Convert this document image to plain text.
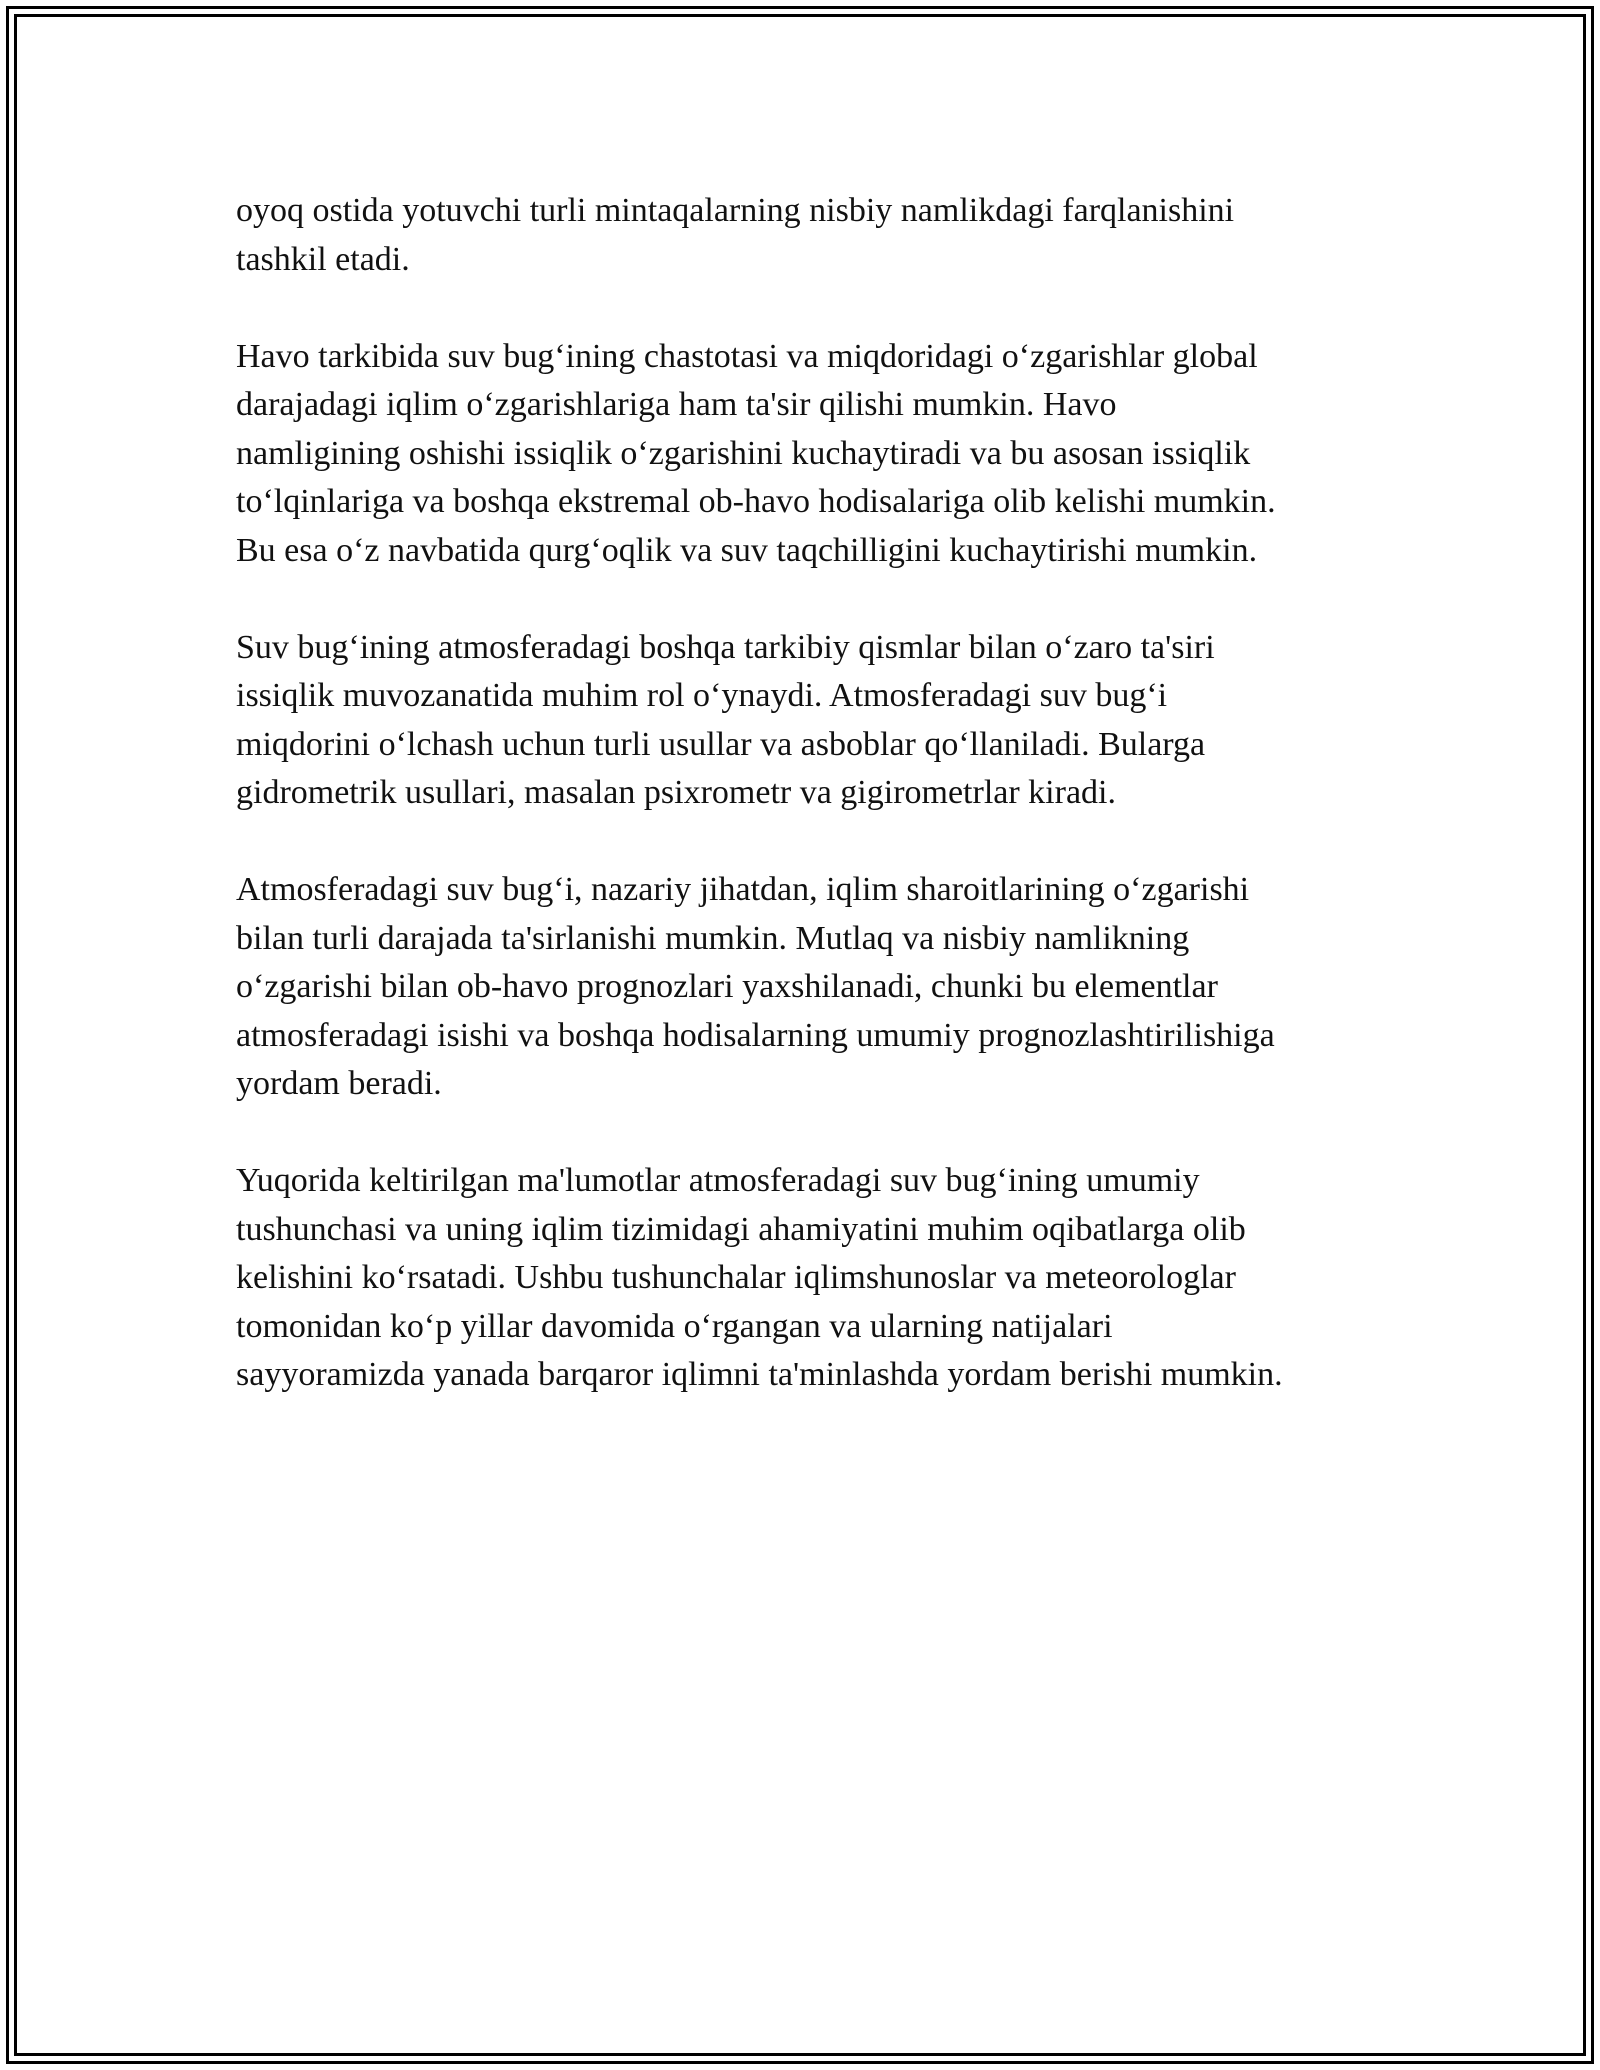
oyoq ostida yotuvchi turli mintaqalarning nisbiy namlikdagi farqlanishini
tashkil etadi.

Havo tarkibida suv bug‘ining chastotasi va miqdoridagi o‘zgarishlar global
darajadagi iqlim o‘zgarishlariga ham ta'sir qilishi mumkin. Havo
namligining oshishi issiqlik o‘zgarishini kuchaytiradi va bu asosan issiqlik
to‘lqinlariga va boshqa ekstremal ob-havo hodisalariga olib kelishi mumkin.
Bu esa o‘z navbatida qurg‘oqlik va suv taqchilligini kuchaytirishi mumkin.

Suv bug‘ining atmosferadagi boshqa tarkibiy qismlar bilan o‘zaro ta'siri
issiqlik muvozanatida muhim rol o‘ynaydi. Atmosferadagi suv bug‘i
miqdorini o‘lchash uchun turli usullar va asboblar qo‘llaniladi. Bularga
gidrometrik usullari, masalan psixrometr va gigirometrlar kiradi.

Atmosferadagi suv bug‘i, nazariy jihatdan, iqlim sharoitlarining o‘zgarishi
bilan turli darajada ta'sirlanishi mumkin. Mutlaq va nisbiy namlikning
o‘zgarishi bilan ob-havo prognozlari yaxshilanadi, chunki bu elementlar
atmosferadagi isishi va boshqa hodisalarning umumiy prognozlashtirilishiga
yordam beradi.

Yuqorida keltirilgan ma'lumotlar atmosferadagi suv bug‘ining umumiy
tushunchasi va uning iqlim tizimidagi ahamiyatini muhim oqibatlarga olib
kelishini ko‘rsatadi. Ushbu tushunchalar iqlimshunoslar va meteorologlar
tomonidan ko‘p yillar davomida o‘rgangan va ularning natijalari
sayyoramizda yanada barqaror iqlimni ta'minlashda yordam berishi mumkin.
